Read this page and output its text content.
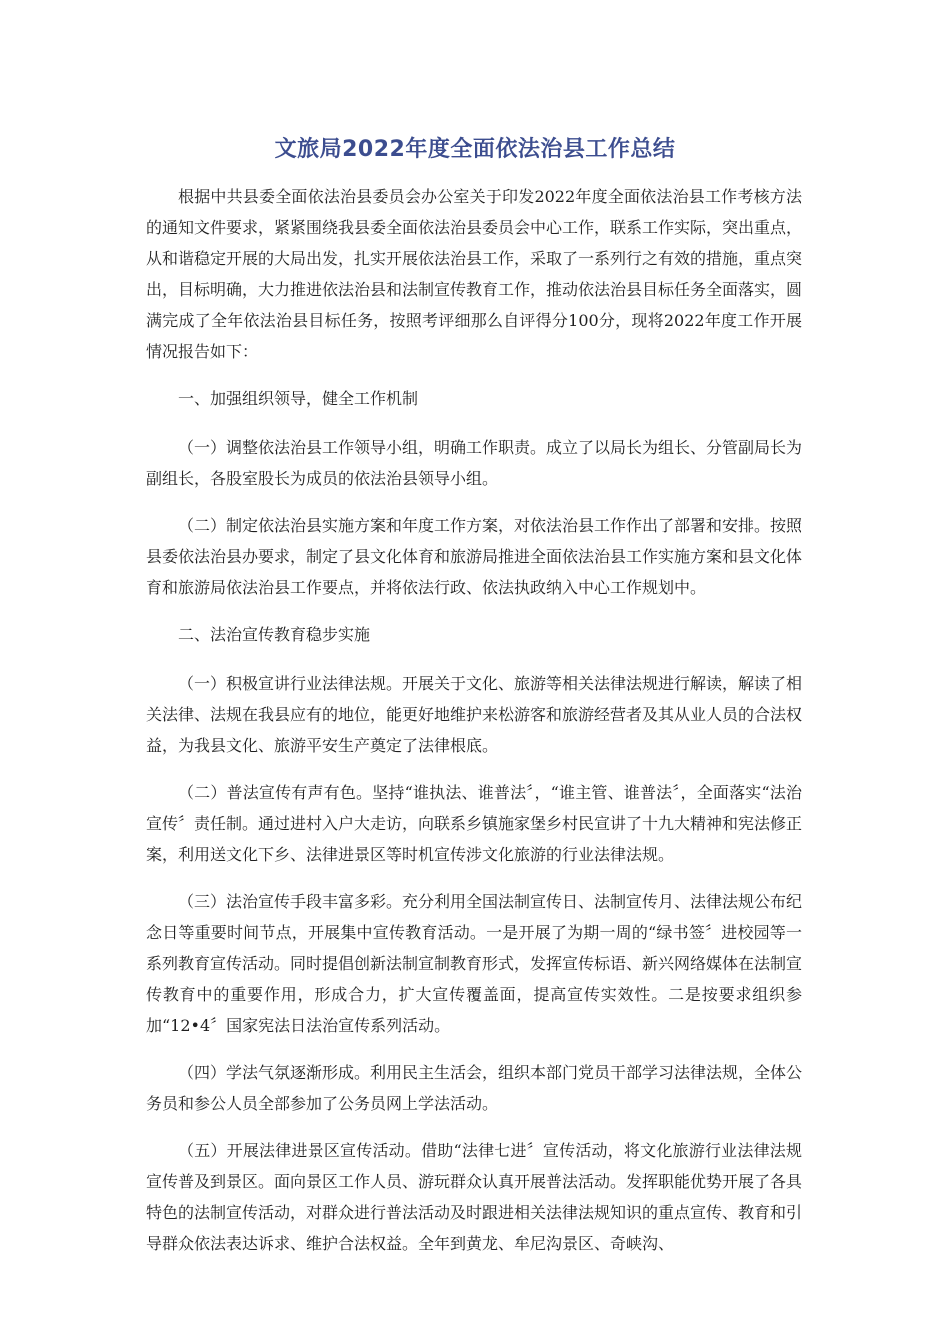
文旅局2022年度全面依法治县工作总结

根据中共县委全面依法治县委员会办公室关于印发2022年度全面依法治县工作考核方法的通知文件要求，紧紧围绕我县委全面依法治县委员会中心工作，联系工作实际，突出重点，从和谐稳定开展的大局出发，扎实开展依法治县工作，采取了一系列行之有效的措施，重点突出，目标明确，大力推进依法治县和法制宣传教育工作，推动依法治县目标任务全面落实，圆满完成了全年依法治县目标任务，按照考评细那么自评得分100分，现将2022年度工作开展情况报告如下：

一、加强组织领导，健全工作机制

（一）调整依法治县工作领导小组，明确工作职责。成立了以局长为组长、分管副局长为副组长，各股室股长为成员的依法治县领导小组。

（二）制定依法治县实施方案和年度工作方案，对依法治县工作作出了部署和安排。按照县委依法治县办要求，制定了县文化体育和旅游局推进全面依法治县工作实施方案和县文化体育和旅游局依法治县工作要点，并将依法行政、依法执政纳入中心工作规划中。

二、法治宣传教育稳步实施

（一）积极宣讲行业法律法规。开展关于文化、旅游等相关法律法规进行解读，解读了相关法律、法规在我县应有的地位，能更好地维护来松游客和旅游经营者及其从业人员的合法权益，为我县文化、旅游平安生产奠定了法律根底。

（二）普法宣传有声有色。坚持“谁执法、谁普法〞，“谁主管、谁普法〞，全面落实“法治宣传〞责任制。通过进村入户大走访，向联系乡镇施家堡乡村民宣讲了十九大精神和宪法修正案，利用送文化下乡、法律进景区等时机宣传涉文化旅游的行业法律法规。

（三）法治宣传手段丰富多彩。充分利用全国法制宣传日、法制宣传月、法律法规公布纪念日等重要时间节点，开展集中宣传教育活动。一是开展了为期一周的“绿书签〞进校园等一系列教育宣传活动。同时提倡创新法制宣制教育形式，发挥宣传标语、新兴网络媒体在法制宣传教育中的重要作用，形成合力，扩大宣传覆盖面，提高宣传实效性。二是按要求组织参加“12•4〞国家宪法日法治宣传系列活动。

（四）学法气氛逐渐形成。利用民主生活会，组织本部门党员干部学习法律法规，全体公务员和参公人员全部参加了公务员网上学法活动。

（五）开展法律进景区宣传活动。借助“法律七进〞宣传活动，将文化旅游行业法律法规宣传普及到景区。面向景区工作人员、游玩群众认真开展普法活动。发挥职能优势开展了各具特色的法制宣传活动，对群众进行普法活动及时跟进相关法律法规知识的重点宣传、教育和引导群众依法表达诉求、维护合法权益。全年到黄龙、牟尼沟景区、奇峡沟、
